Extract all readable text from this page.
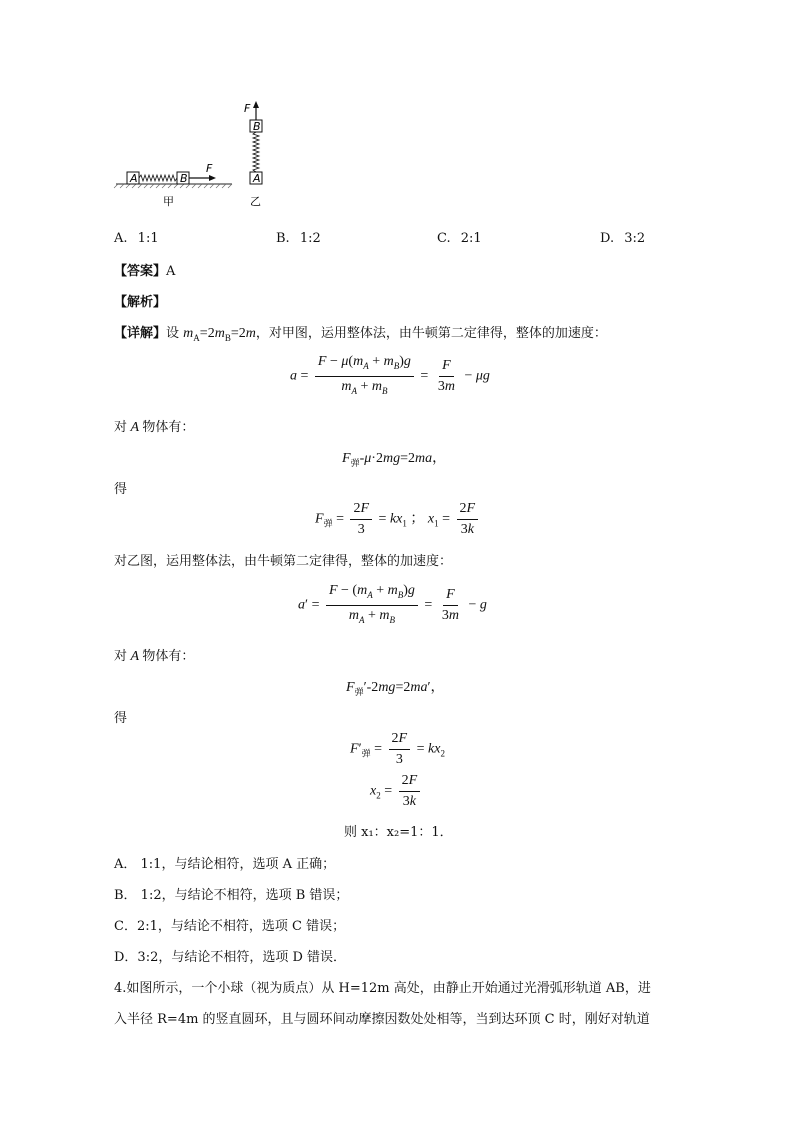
A	B
F
甲
F
B
A
乙
A. 1:1	B. 1:2	C. 2:1	D. 3:2
【答案】A
【解析】
【详解】设 $m_A=2m_B=2m$，对甲图，运用整体法，由牛顿第二定律得，整体的加速度：
$a = \frac{F - \mu(m_A + m_B)g}{m_A + m_B} = \frac{F}{3m} - \mu g$
对 A 物体有：
$F_弹-\mu\cdot 2mg=2ma$，
得
$F_弹 = \frac{2F}{3} = kx_1$ ； $x_1 = \frac{2F}{3k}$
对乙图，运用整体法，由牛顿第二定律得，整体的加速度：
$a' = \frac{F - (m_A + m_B)g}{m_A + m_B} = \frac{F}{3m} - g$
对 A 物体有：
$F_弹'-2mg=2ma'$，
得
$F'_弹 = \frac{2F}{3} = kx_2$
$x_2 = \frac{2F}{3k}$
则 x₁：x₂=1：1．
A． 1:1，与结论相符，选项 A 正确；
B． 1:2，与结论不相符，选项 B 错误；
C．2:1，与结论不相符，选项 C 错误；
D．3:2，与结论不相符，选项 D 错误．
4.如图所示，一个小球（视为质点）从 H=12m 高处，由静止开始通过光滑弧形轨道 AB，进
入半径 R=4m 的竖直圆环，且与圆环间动摩擦因数处处相等，当到达环顶 C 时，刚好对轨道
